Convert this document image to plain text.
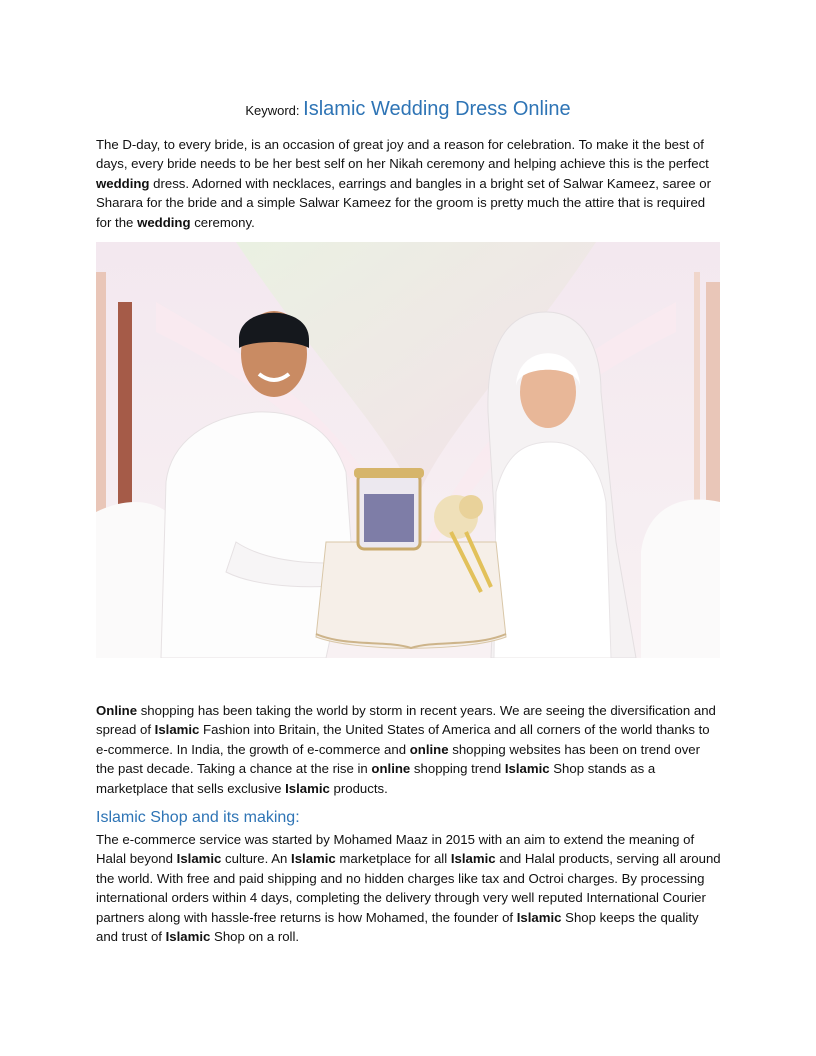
Keyword: Islamic Wedding Dress Online

The D-day, to every bride, is an occasion of great joy and a reason for celebration. To make it the best of days, every bride needs to be her best self on her Nikah ceremony and helping achieve this is the perfect wedding dress. Adorned with necklaces, earrings and bangles in a bright set of Salwar Kameez, saree or Sharara for the bride and a simple Salwar Kameez for the groom is pretty much the attire that is required for the wedding ceremony.

Online shopping has been taking the world by storm in recent years. We are seeing the diversification and spread of Islamic Fashion into Britain, the United States of America and all corners of the world thanks to e-commerce. In India, the growth of e-commerce and online shopping websites has been on trend over the past decade. Taking a chance at the rise in online shopping trend Islamic Shop stands as a marketplace that sells exclusive Islamic products.

Islamic Shop and its making:

The e-commerce service was started by Mohamed Maaz in 2015 with an aim to extend the meaning of Halal beyond Islamic culture. An Islamic marketplace for all Islamic and Halal products, serving all around the world. With free and paid shipping and no hidden charges like tax and Octroi charges. By processing international orders within 4 days, completing the delivery through very well reputed International Courier partners along with hassle-free returns is how Mohamed, the founder of Islamic Shop keeps the quality and trust of Islamic Shop on a roll.
